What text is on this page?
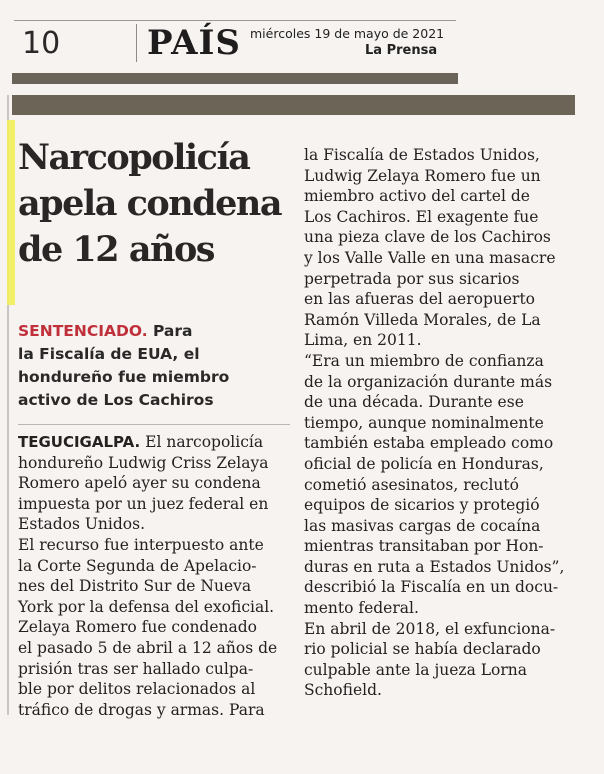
10	PAÍS miércoles 19 de mayo de 2021
La Prensa
Narcopolicía
apela condena
de 12 años
SENTENCIADO. Para
la Fiscalía de EUA, el
hondureño fue miembro
activo de Los Cachiros
TEGUCIGALPA. El narcopolicía
hondureño Ludwig Criss Zelaya
Romero apeló ayer su condena
impuesta por un juez federal en
Estados Unidos.
El recurso fue interpuesto ante
la Corte Segunda de Apelacio-
nes del Distrito Sur de Nueva
York por la defensa del exoficial.
Zelaya Romero fue condenado
el pasado 5 de abril a 12 años de
prisión tras ser hallado culpa-
ble por delitos relacionados al
tráfico de drogas y armas. Para
la Fiscalía de Estados Unidos,
Ludwig Zelaya Romero fue un
miembro activo del cartel de
Los Cachiros. El exagente fue
una pieza clave de los Cachiros
y los Valle Valle en una masacre
perpetrada por sus sicarios
en las afueras del aeropuerto
Ramón Villeda Morales, de La
Lima, en 2011.
“Era un miembro de confianza
de la organización durante más
de una década. Durante ese
tiempo, aunque nominalmente
también estaba empleado como
oficial de policía en Honduras,
cometió asesinatos, reclutó
equipos de sicarios y protegió
las masivas cargas de cocaína
mientras transitaban por Hon-
duras en ruta a Estados Unidos”,
describió la Fiscalía en un docu-
mento federal.
En abril de 2018, el exfunciona-
rio policial se había declarado
culpable ante la jueza Lorna
Schofield.
